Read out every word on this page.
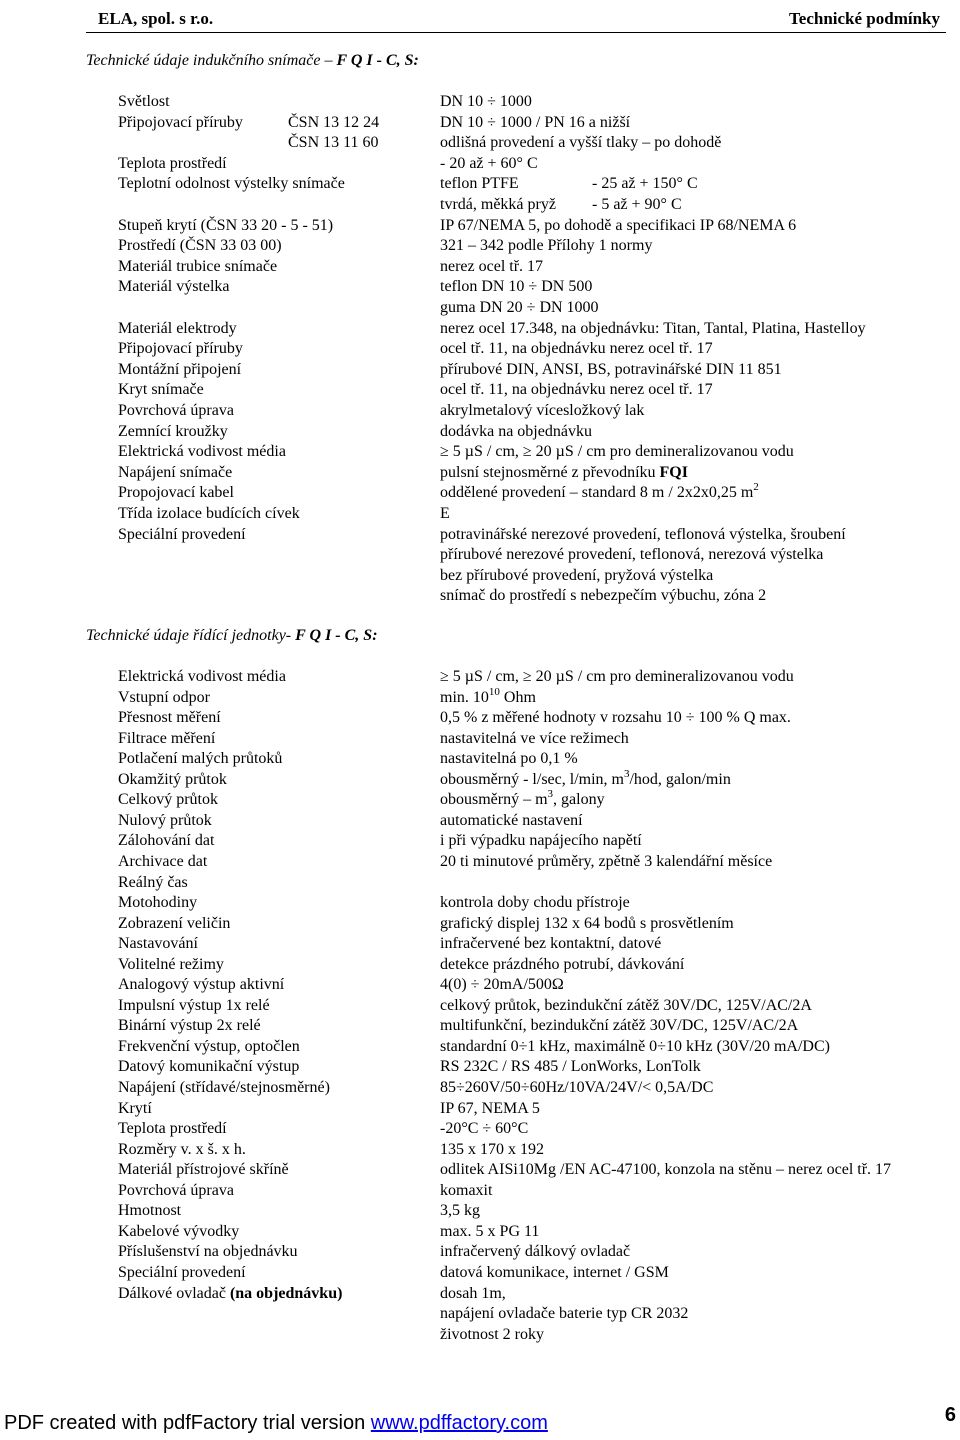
ELA, spol. s r.o.	Technické podmínky
Technické údaje indukčního snímače – F Q I - C, S:
Světlost	DN 10 ÷ 1000
Připojovací příruby	ČSN 13 12 24	DN 10 ÷ 1000 / PN 16 a nižší
ČSN 13 11 60	odlišná provedení a vyšší tlaky – po dohodě
Teplota prostředí	- 20 až + 60° C
Teplotní odolnost výstelky snímače	teflon PTFE	- 25 až + 150° C
tvrdá, měkká pryž - 5 až + 90° C
Stupeň krytí (ČSN 33 20 - 5 - 51)	IP 67/NEMA 5, po dohodě a specifikaci IP 68/NEMA 6
Prostředí (ČSN 33 03 00)	321 – 342 podle Přílohy 1 normy
Materiál trubice snímače	nerez ocel tř. 17
Materiál výstelka	teflon DN 10 ÷ DN 500
guma DN 20 ÷ DN 1000
Materiál elektrody	nerez ocel 17.348, na objednávku: Titan, Tantal, Platina, Hastelloy
Připojovací příruby	ocel tř. 11, na objednávku nerez ocel tř. 17
Montážní připojení	přírubové DIN, ANSI, BS, potravinářské DIN 11 851
Kryt snímače	ocel tř. 11, na objednávku nerez ocel tř. 17
Povrchová úprava	akrylmetalový vícesložkový lak
Zemnící kroužky	dodávka na objednávku
Elektrická vodivost média	≥ 5 µS / cm, ≥ 20 µS / cm pro demineralizovanou vodu
Napájení snímače	pulsní stejnosměrné z převodníku FQI
Propojovací kabel	oddělené provedení – standard 8 m / 2x2x0,25 $m^2$
Třída izolace budících cívek	E
Speciální provedení	potravinářské nerezové provedení, teflonová výstelka, šroubení
přírubové nerezové provedení, teflonová, nerezová výstelka
bez přírubové provedení, pryžová výstelka
snímač do prostředí s nebezpečím výbuchu, zóna 2
Technické údaje řídící jednotky- F Q I - C, S:
Elektrická vodivost média	≥ 5 µS / cm, ≥ 20 µS / cm pro demineralizovanou vodu
Vstupní odpor	min. $10^{10}$ Ohm
Přesnost měření	0,5 % z měřené hodnoty v rozsahu 10 ÷ 100 % Q max.
Filtrace měření	nastavitelná ve více režimech
Potlačení malých průtoků	nastavitelná po 0,1 %
Okamžitý průtok	obousměrný - l/sec, l/min, $m^3$/hod, galon/min
Celkový průtok	obousměrný – $m^3$, galony
Nulový průtok	automatické nastavení
Zálohování dat	i při výpadku napájecího napětí
Archivace dat	20 ti minutové průměry, zpětně 3 kalendářní měsíce
Reálný čas
Motohodiny	kontrola doby chodu přístroje
Zobrazení veličin	grafický displej 132 x 64 bodů s prosvětlením
Nastavování	infračervené bez kontaktní, datové
Volitelné režimy	detekce prázdného potrubí, dávkování
Analogový výstup aktivní	4(0) ÷ 20mA/500Ω
Impulsní výstup 1x relé	celkový průtok, bezindukční zátěž 30V/DC, 125V/AC/2A
Binární výstup 2x relé	multifunkční, bezindukční zátěž 30V/DC, 125V/AC/2A
Frekvenční výstup, optočlen	standardní 0÷1 kHz, maximálně 0÷10 kHz (30V/20 mA/DC)
Datový komunikační výstup	RS 232C / RS 485 / LonWorks, LonTolk
Napájení (střídavé/stejnosměrné)	85÷260V/50÷60Hz/10VA/24V/< 0,5A/DC
Krytí	IP 67, NEMA 5
Teplota prostředí	-20°C ÷ 60°C
Rozměry v. x š. x h.	135 x 170 x 192
Materiál přístrojové skříně	odlitek AISi10Mg /EN AC-47100, konzola na stěnu – nerez ocel tř. 17
Povrchová úprava	komaxit
Hmotnost	3,5 kg
Kabelové vývodky	max. 5 x PG 11
Příslušenství na objednávku	infračervený dálkový ovladač
Speciální provedení	datová komunikace, internet / GSM
Dálkové ovladač (na objednávku)	dosah 1m,
napájení ovladače baterie typ CR 2032
životnost 2 roky
PDF created with pdfFactory trial version www.pdffactory.com	6
